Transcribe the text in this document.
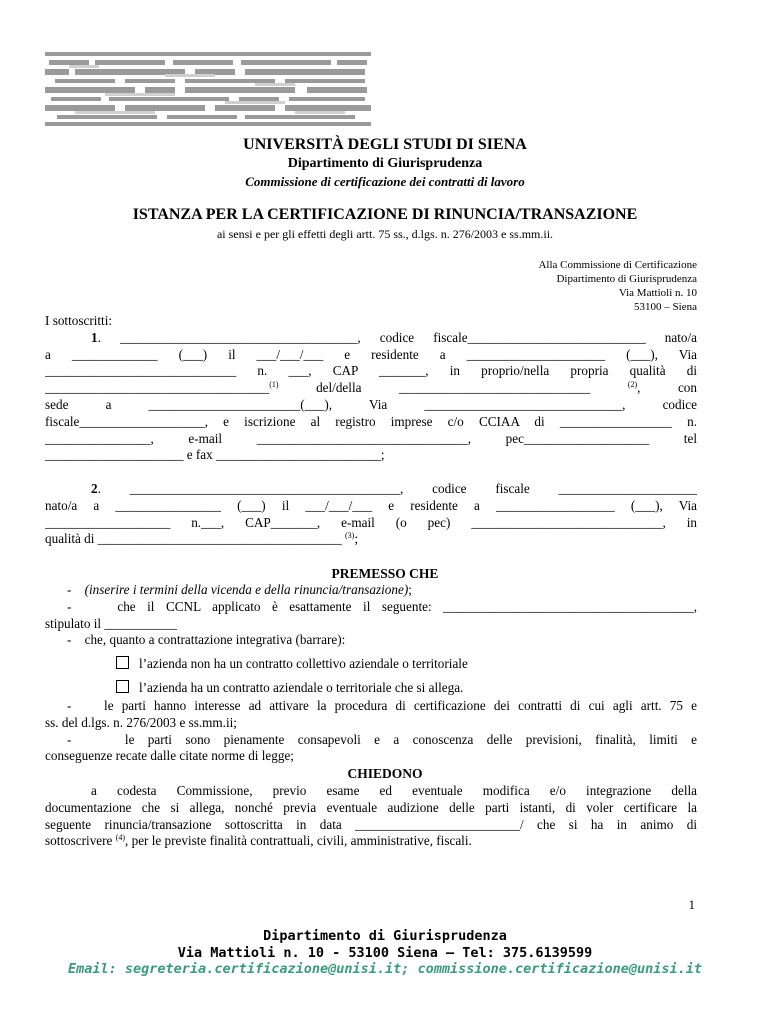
UNIVERSITÀ DEGLI STUDI DI SIENA
Dipartimento di Giurisprudenza
Commissione di certificazione dei contratti di lavoro
ISTANZA PER LA CERTIFICAZIONE DI RINUNCIA/TRANSAZIONE
ai sensi e per gli effetti degli artt. 75 ss., d.lgs. n. 276/2003 e ss.mm.ii.
Alla Commissione di Certificazione
Dipartimento di Giurisprudenza
Via Mattioli n. 10
53100 – Siena
I sottoscritti:
1. ____________________________________, codice fiscale___________________________ nato/a
a _____________ (___) il ___/___/___ e residente a _____________________ (___), Via
_____________________________ n. ___, CAP _______, in proprio/nella propria qualità di
__________________________________$^{(1)}$ del/della _____________________________ $^{(2)}$, con
sede a _______________________(___), Via ______________________________, codice
fiscale___________________, e iscrizione al registro imprese c/o CCIAA di _________________ n.
________________, e-mail ________________________________, pec___________________ tel
_____________________ e fax _________________________;
2. _________________________________________, codice fiscale _____________________
nato/a a ________________ (___) il ___/___/___ e residente a __________________ (___), Via
___________________ n.___, CAP_______, e-mail (o pec) _____________________________, in
qualità di _____________________________________ $^{(3)}$;
PREMESSO CHE
- (inserire i termini della vicenda e della rinuncia/transazione);
-	che il CCNL applicato è esattamente il seguente: ______________________________________,
stipulato il ___________
- che, quanto a contrattazione integrativa (barrare):
l’azienda non ha un contratto collettivo aziendale o territoriale
l’azienda ha un contratto aziendale o territoriale che si allega.
- le parti hanno interesse ad attivare la procedura di certificazione dei contratti di cui agli artt. 75 e
ss. del d.lgs. n. 276/2003 e ss.mm.ii;
-	le parti sono pienamente consapevoli e a conoscenza delle previsioni, finalità, limiti e
conseguenze recate dalle citate norme di legge;
CHIEDONO
a codesta Commissione, previo esame ed eventuale modifica e/o integrazione della
documentazione che si allega, nonché previa eventuale audizione delle parti istanti, di voler certificare la
seguente rinuncia/transazione sottoscritta in data _________________________/ che si ha in animo di
sottoscrivere $^{(4)}$, per le previste finalità contrattuali, civili, amministrative, fiscali.
1
Dipartimento di Giurisprudenza
Via Mattioli n. 10 - 53100 Siena – Tel: 375.6139599
Email: segreteria.certificazione@unisi.it; commissione.certificazione@unisi.it
